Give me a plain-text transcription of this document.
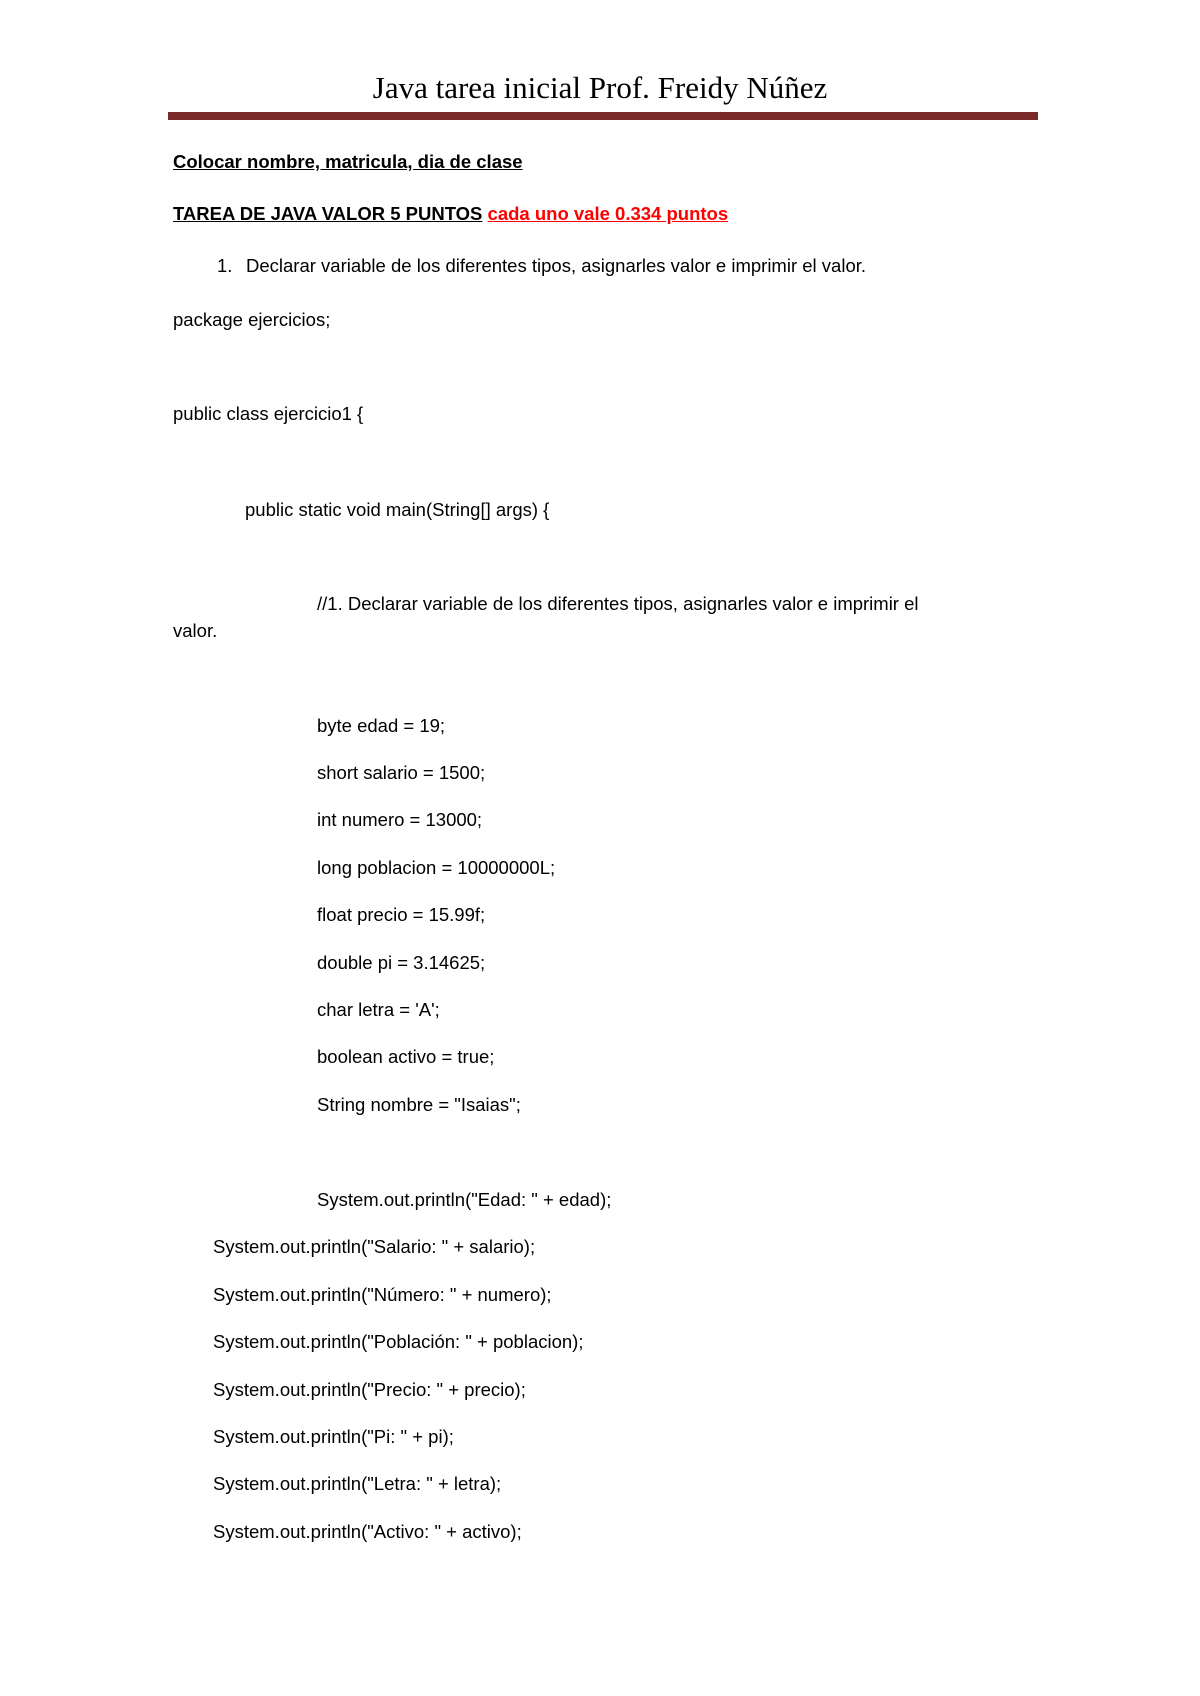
Java tarea inicial Prof. Freidy Núñez
Colocar nombre, matricula, dia de clase
TAREA DE JAVA VALOR 5 PUNTOS cada uno vale 0.334 puntos
1. Declarar variable de los diferentes tipos, asignarles valor e imprimir el valor.
package ejercicios;
public class ejercicio1 {
public static void main(String[] args) {
//1. Declarar variable de los diferentes tipos, asignarles valor e imprimir el
valor.
byte edad = 19;
short salario = 1500;
int numero = 13000;
long poblacion = 10000000L;
float precio = 15.99f;
double pi = 3.14625;
char letra = 'A';
boolean activo = true;
String nombre = "Isaias";
System.out.println("Edad: " + edad);
System.out.println("Salario: " + salario);
System.out.println("Número: " + numero);
System.out.println("Población: " + poblacion);
System.out.println("Precio: " + precio);
System.out.println("Pi: " + pi);
System.out.println("Letra: " + letra);
System.out.println("Activo: " + activo);
